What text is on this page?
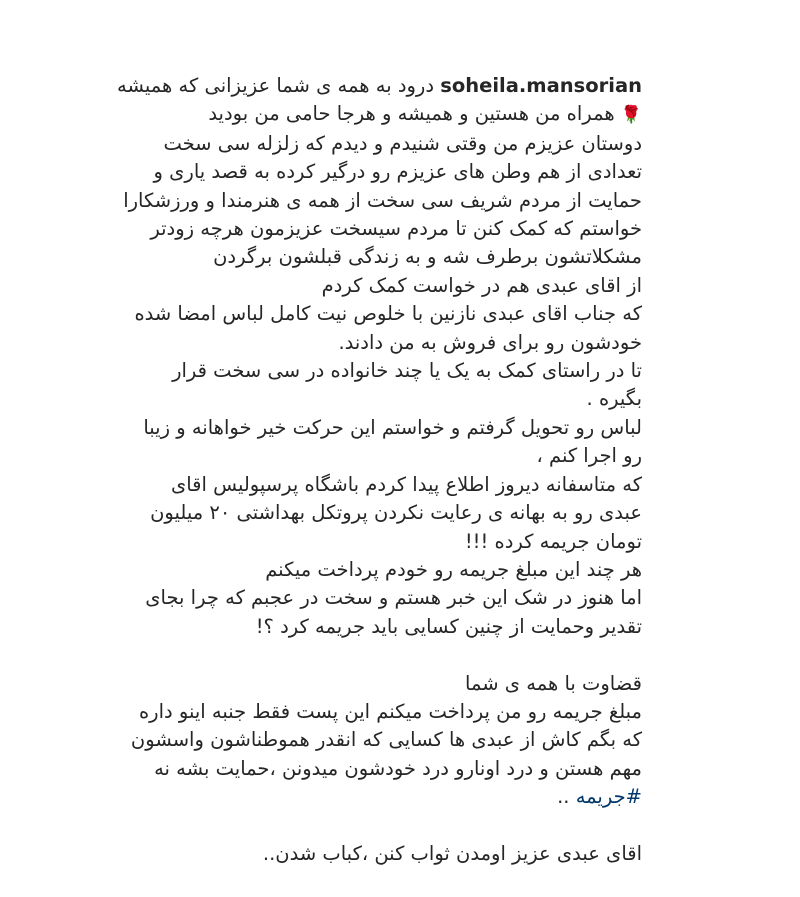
soheila.mansorian درود به همه ی شما عزیزانی که همیشه
🌹 همراه من هستین و همیشه و هرجا حامی من بودید
دوستان عزیزم من وقتی شنیدم و دیدم که زلزله سی سخت
تعدادی از هم وطن های عزیزم رو درگیر کرده به قصد یاری و
حمایت از مردم شریف سی سخت از همه ی هنرمندا و ورزشکارا
خواستم که کمک کنن تا مردم سیسخت عزیزمون هرچه زودتر
مشکلاتشون برطرف شه و به زندگی قبلشون برگردن
از اقای عبدی هم در خواست کمک کردم
که جناب اقای عبدی نازنین با خلوص نیت کامل لباس امضا شده
خودشون رو برای فروش به من دادند.
تا در راستای کمک به یک یا چند خانواده در سی سخت قرار
بگیره .
لباس رو تحویل گرفتم و خواستم این حرکت خیر خواهانه و زیبا
رو اجرا کنم ،
که متاسفانه دیروز اطلاع پیدا کردم باشگاه پرسپولیس اقای
عبدی رو به بهانه ی رعایت نکردن پروتکل بهداشتی ۲۰ میلیون
تومان جریمه کرده !!!
هر چند این مبلغ جریمه رو خودم پرداخت میکنم
اما هنوز در شک این خبر هستم و سخت در عجبم که چرا بجای
تقدیر وحمایت از چنین کسایی باید جریمه کرد ؟!
قضاوت با همه ی شما
مبلغ جریمه رو من پرداخت میکنم این پست فقط جنبه اینو داره
که بگم کاش از عبدی ها کسایی که انقدر هموطناشون واسشون
مهم هستن و درد اونارو درد خودشون میدونن ،حمایت بشه نه
#جریمه ..
اقای عبدی عزیز اومدن ثواب کنن ،کباب شدن..
